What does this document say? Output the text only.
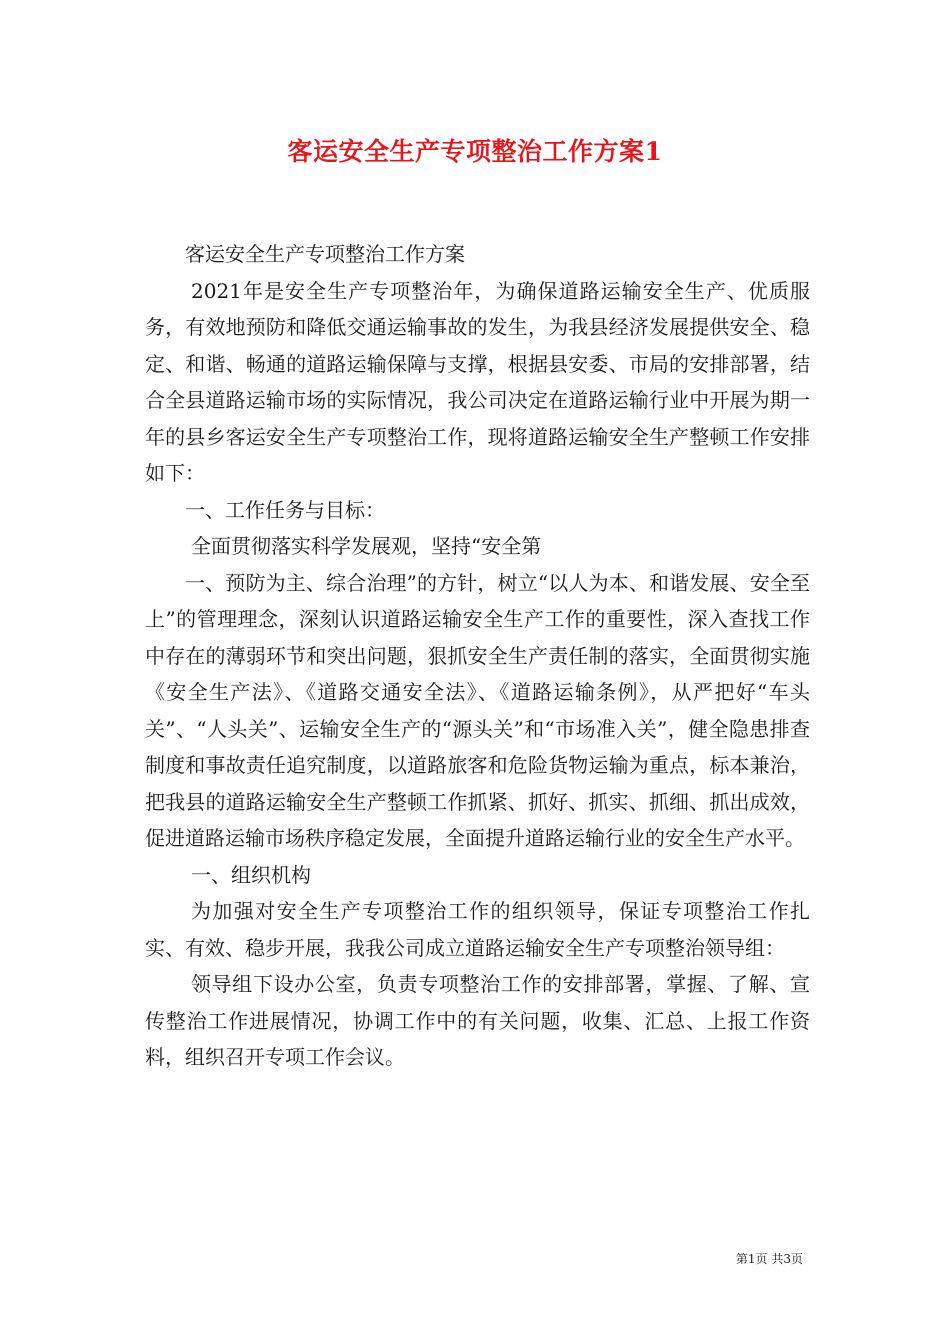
客运安全生产专项整治工作方案1

客运安全生产专项整治工作方案

2021年是安全生产专项整治年，为确保道路运输安全生产、优质服务，有效地预防和降低交通运输事故的发生，为我县经济发展提供安全、稳定、和谐、畅通的道路运输保障与支撑，根据县安委、市局的安排部署，结合全县道路运输市场的实际情况，我公司决定在道路运输行业中开展为期一年的县乡客运安全生产专项整治工作，现将道路运输安全生产整顿工作安排如下：

一、工作任务与目标：

全面贯彻落实科学发展观，坚持“安全第

一、预防为主、综合治理”的方针，树立“以人为本、和谐发展、安全至上”的管理理念，深刻认识道路运输安全生产工作的重要性，深入查找工作中存在的薄弱环节和突出问题，狠抓安全生产责任制的落实，全面贯彻实施《安全生产法》、《道路交通安全法》、《道路运输条例》，从严把好“车头关”、“人头关”、运输安全生产的“源头关”和“市场准入关”，健全隐患排查制度和事故责任追究制度，以道路旅客和危险货物运输为重点，标本兼治，把我县的道路运输安全生产整顿工作抓紧、抓好、抓实、抓细、抓出成效，促进道路运输市场秩序稳定发展，全面提升道路运输行业的安全生产水平。

一、组织机构

为加强对安全生产专项整治工作的组织领导，保证专项整治工作扎实、有效、稳步开展，我我公司成立道路运输安全生产专项整治领导组：

领导组下设办公室，负责专项整治工作的安排部署，掌握、了解、宣传整治工作进展情况，协调工作中的有关问题，收集、汇总、上报工作资料，组织召开专项工作会议。

第1页 共3页
